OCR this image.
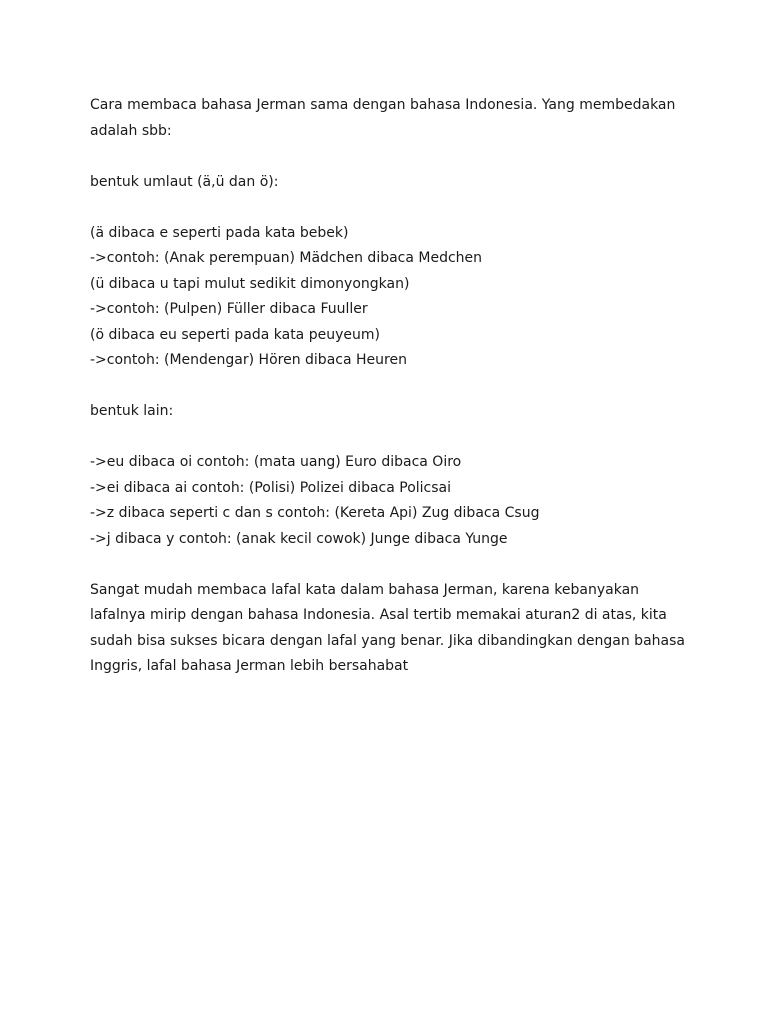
Cara membaca bahasa Jerman sama dengan bahasa Indonesia. Yang membedakan adalah sbb:

bentuk umlaut (ä,ü dan ö):

(ä dibaca e seperti pada kata bebek)
->contoh: (Anak perempuan) Mädchen dibaca Medchen
(ü dibaca u tapi mulut sedikit dimonyongkan)
->contoh: (Pulpen) Füller dibaca Fuuller
(ö dibaca eu seperti pada kata peuyeum)
->contoh: (Mendengar) Hören dibaca Heuren

bentuk lain:

->eu dibaca oi contoh: (mata uang) Euro dibaca Oiro
->ei dibaca ai contoh: (Polisi) Polizei dibaca Policsai
->z dibaca seperti c dan s contoh: (Kereta Api) Zug dibaca Csug
->j dibaca y contoh: (anak kecil cowok) Junge dibaca Yunge

Sangat mudah membaca lafal kata dalam bahasa Jerman, karena kebanyakan lafalnya mirip dengan bahasa Indonesia. Asal tertib memakai aturan2 di atas, kita sudah bisa sukses bicara dengan lafal yang benar. Jika dibandingkan dengan bahasa Inggris, lafal bahasa Jerman lebih bersahabat
